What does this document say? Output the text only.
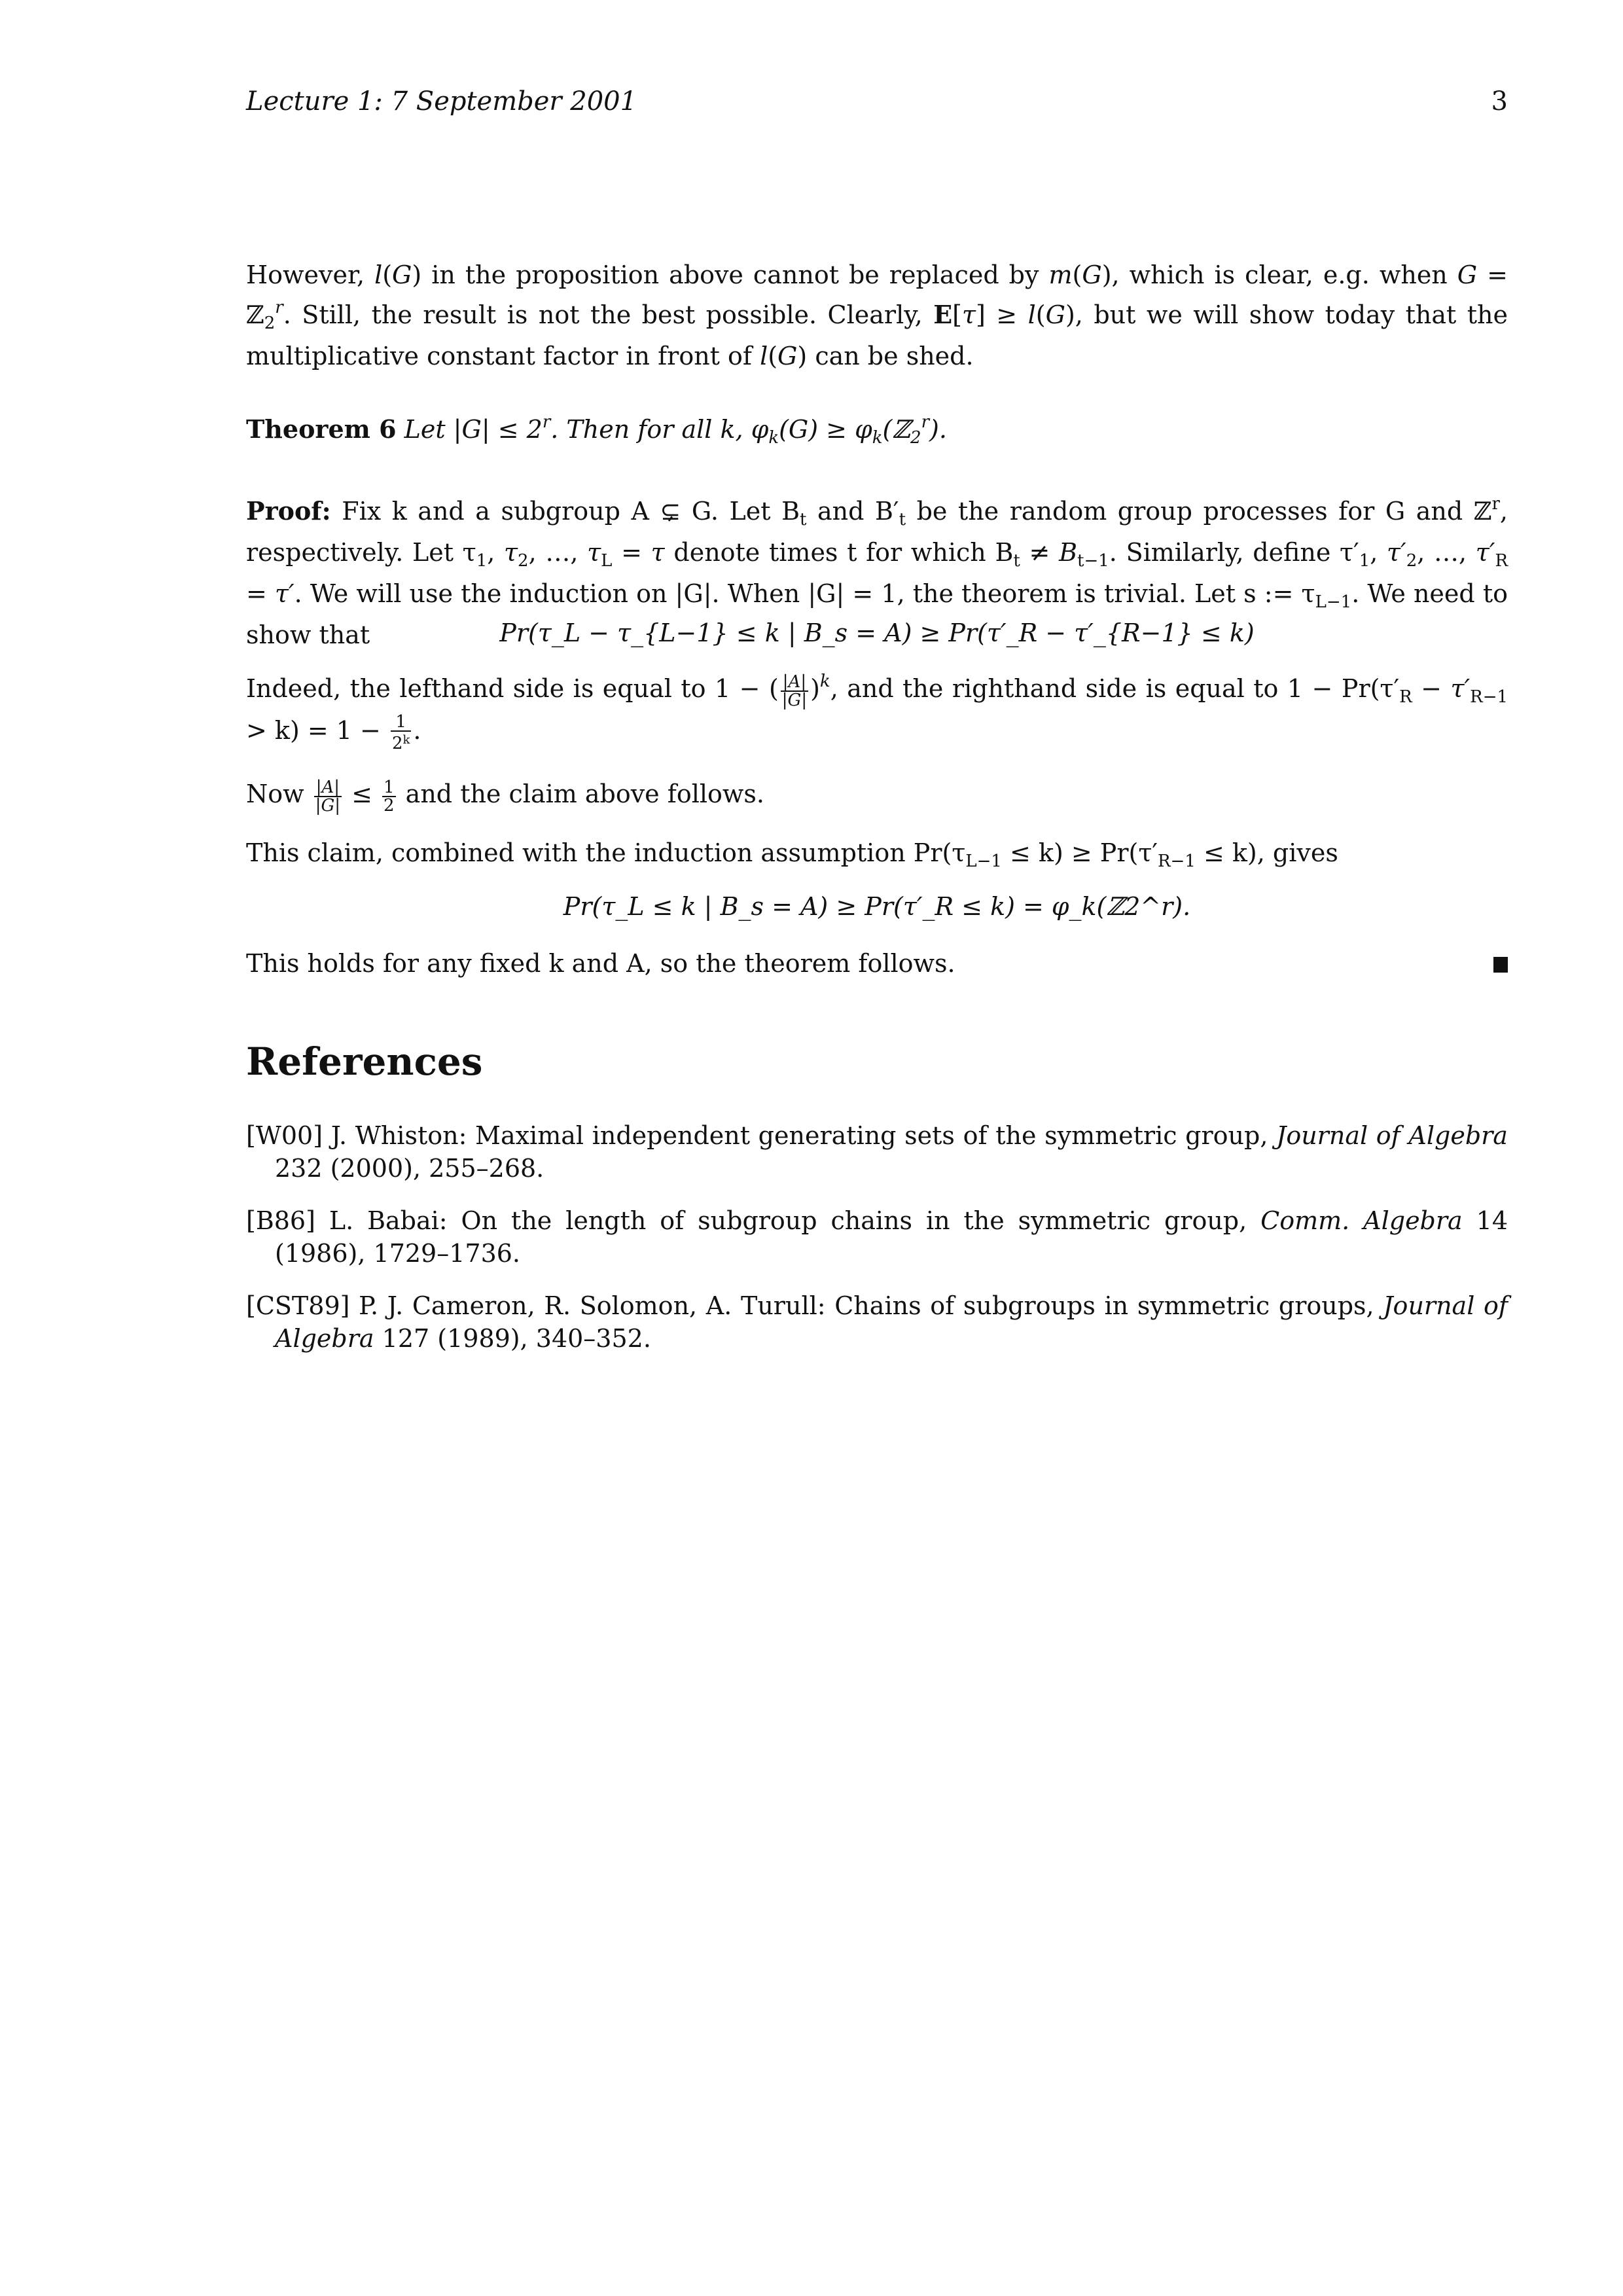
Lecture 1: 7 September 2001	3

However, l(G) in the proposition above cannot be replaced by m(G), which is clear, e.g. when G = ℤ$_2^r$. Still, the result is not the best possible. Clearly, E[τ] ≥ l(G), but we will show today that the multiplicative constant factor in front of l(G) can be shed.

Theorem 6 Let $|G| \le 2^r$. Then for all k, $\varphi_k(G)$ ≥ $\varphi_k(ℤ_2^r)$.

Proof: Fix k and a subgroup A ⊊ G. Let $B_t$ and $B'_t$ be the random group processes for G and ℤ$^r$, respectively. Let $\tau_1$, $\tau_2$, …, $\tau_L = \tau$ denote times t for which $B_t \ne B_{t-1}$. Similarly, define $\tau'_1$, $\tau'_2$, …, $\tau'_R = \tau'$. We will use the induction on |G|. When |G| = 1, the theorem is trivial. Let s := $\tau_{L-1}$. We need to show that	Pr(τ_L − τ_{L−1} ≤ k | B_s = A) ≥ Pr(τ′_R − τ′_{R−1} ≤ k)

Indeed, the lefthand side is equal to 1 − ( $\frac{|A|}{|G|} )^k$, and the righthand side is equal to $1 - Pr(\tau'_R - \tau'_{R-1} > k) = 1 - \frac{1}{2^k}$ .

Now $\frac{|A|}{|G|} \le \frac{1}{2}$ and the claim above follows.

This claim, combined with the induction assumption $Pr(\tau_{L-1} \le k) \ge Pr(\tau'_{R-1} \le k)$, gives

Pr(τ_L ≤ k | B_s = A) ≥ Pr(τ′_R ≤ k) = φ_k(ℤ2^r).

This holds for any fixed k and A, so the theorem follows.

References
[W00] J. Whiston: Maximal independent generating sets of the symmetric group, Journal of Algebra 232 (2000), 255–268.
[B86] L. Babai: On the length of subgroup chains in the symmetric group, Comm. Algebra 14 (1986), 1729–1736.
[CST89] P. J. Cameron, R. Solomon, A. Turull: Chains of subgroups in symmetric groups, Journal of Algebra 127 (1989), 340–352.
